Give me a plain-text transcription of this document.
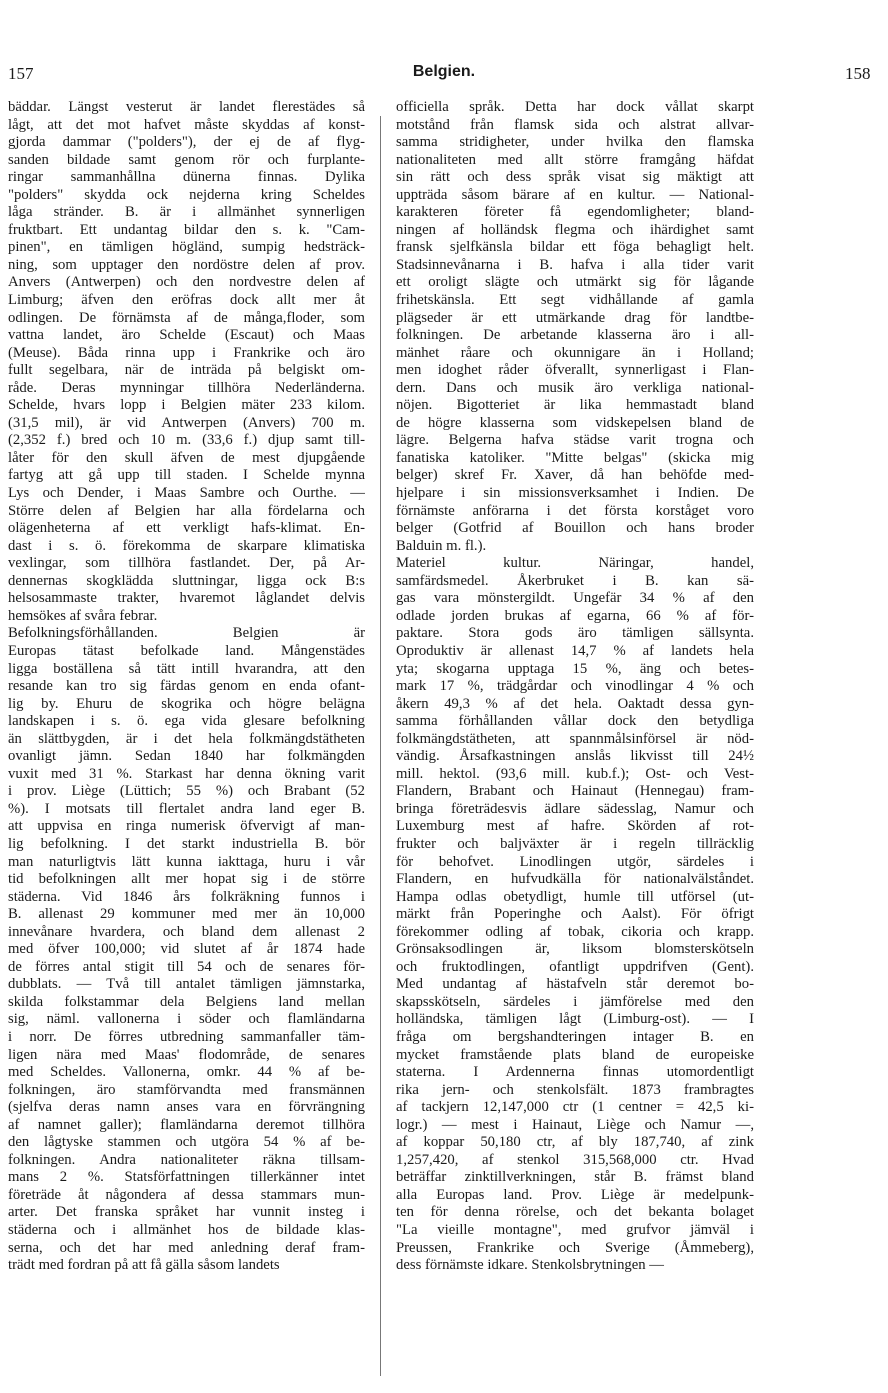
157	Belgien.	158
bäddar. Längst vesterut är landet flerestädes så
lågt, att det mot hafvet måste skyddas af konst-
gjorda dammar ("polders"), der ej de af flyg-
sanden bildade samt genom rör och furplante-
ringar sammanhållna dünerna finnas. Dylika
"polders" skydda ock nejderna kring Scheldes
låga stränder. B. är i allmänhet synnerligen
fruktbart. Ett undantag bildar den s. k. "Cam-
pinen", en tämligen högländ, sumpig hedsträck-
ning, som upptager den nordöstre delen af prov.
Anvers (Antwerpen) och den nordvestre delen af
Limburg; äfven den eröfras dock allt mer åt
odlingen. De förnämsta af de många,floder, som
vattna landet, äro Schelde (Escaut) och Maas
(Meuse). Båda rinna upp i Frankrike och äro
fullt segelbara, när de inträda på belgiskt om-
råde. Deras mynningar tillhöra Nederländerna.
Schelde, hvars lopp i Belgien mäter 233 kilom.
(31,5 mil), är vid Antwerpen (Anvers) 700 m.
(2,352 f.) bred och 10 m. (33,6 f.) djup samt till-
låter för den skull äfven de mest djupgående
fartyg att gå upp till staden. I Schelde mynna
Lys och Dender, i Maas Sambre och Ourthe. —
Större delen af Belgien har alla fördelarna och
olägenheterna af ett verkligt hafs-klimat. En-
dast i s. ö. förekomma de skarpare klimatiska
vexlingar, som tillhöra fastlandet. Der, på Ar-
dennernas skogklädda sluttningar, ligga ock B:s
helsosammaste trakter, hvaremot låglandet delvis
hemsökes af svåra febrar.
Befolkningsförhållanden. Belgien är
Europas tätast befolkade land. Mångenstädes
ligga boställena så tätt intill hvarandra, att den
resande kan tro sig färdas genom en enda ofant-
lig by. Ehuru de skogrika och högre belägna
landskapen i s. ö. ega vida glesare befolkning
än slättbygden, är i det hela folkmängdstätheten
ovanligt jämn. Sedan 1840 har folkmängden
vuxit med 31 %. Starkast har denna ökning varit
i prov. Liège (Lüttich; 55 %) och Brabant (52
%). I motsats till flertalet andra land eger B.
att uppvisa en ringa numerisk öfvervigt af man-
lig befolkning. I det starkt industriella B. bör
man naturligtvis lätt kunna iakttaga, huru i vår
tid befolkningen allt mer hopat sig i de större
städerna. Vid 1846 års folkräkning funnos i
B. allenast 29 kommuner med mer än 10,000
innevånare hvardera, och bland dem allenast 2
med öfver 100,000; vid slutet af år 1874 hade
de förres antal stigit till 54 och de senares för-
dubblats. — Två till antalet tämligen jämnstarka,
skilda folkstammar dela Belgiens land mellan
sig, näml. vallonerna i söder och flamländarna
i norr. De förres utbredning sammanfaller täm-
ligen nära med Maas' flodområde, de senares
med Scheldes. Vallonerna, omkr. 44 % af be-
folkningen, äro stamförvandta med fransmännen
(sjelfva deras namn anses vara en förvrängning
af namnet galler); flamländarna deremot tillhöra
den lågtyske stammen och utgöra 54 % af be-
folkningen. Andra nationaliteter räkna tillsam-
mans 2 %. Statsförfattningen tillerkänner intet
företräde åt någondera af dessa stammars mun-
arter. Det franska språket har vunnit insteg i
städerna och i allmänhet hos de bildade klas-
serna, och det har med anledning deraf fram-
trädt med fordran på att få gälla såsom landets
officiella språk. Detta har dock vållat skarpt
motstånd från flamsk sida och alstrat allvar-
samma stridigheter, under hvilka den flamska
nationaliteten med allt större framgång häfdat
sin rätt och dess språk visat sig mäktigt att
uppträda såsom bärare af en kultur. — National-
karakteren företer få egendomligheter; bland-
ningen af holländsk flegma och ihärdighet samt
fransk sjelfkänsla bildar ett föga behagligt helt.
Stadsinnevånarna i B. hafva i alla tider varit
ett oroligt slägte och utmärkt sig för lågande
frihetskänsla. Ett segt vidhållande af gamla
plägseder är ett utmärkande drag för landtbe-
folkningen. De arbetande klasserna äro i all-
mänhet råare och okunnigare än i Holland;
men idoghet råder öfverallt, synnerligast i Flan-
dern. Dans och musik äro verkliga national-
nöjen. Bigotteriet är lika hemmastadt bland
de högre klasserna som vidskepelsen bland de
lägre. Belgerna hafva städse varit trogna och
fanatiska katoliker. "Mitte belgas" (skicka mig
belger) skref Fr. Xaver, då han behöfde med-
hjelpare i sin missionsverksamhet i Indien. De
förnämste anförarna i det första korståget voro
belger (Gotfrid af Bouillon och hans broder
Balduin m. fl.).
Materiel kultur. Näringar, handel,
samfärdsmedel. Åkerbruket i B. kan sä-
gas vara mönstergildt. Ungefär 34 % af den
odlade jorden brukas af egarna, 66 % af för-
paktare. Stora gods äro tämligen sällsynta.
Oproduktiv är allenast 14,7 % af landets hela
yta; skogarna upptaga 15 %, äng och betes-
mark 17 %, trädgårdar och vinodlingar 4 % och
åkern 49,3 % af det hela. Oaktadt dessa gyn-
samma förhållanden vållar dock den betydliga
folkmängdstätheten, att spannmålsinförsel är nöd-
vändig. Årsafkastningen anslås likvisst till 24½
mill. hektol. (93,6 mill. kub.f.); Ost- och Vest-
Flandern, Brabant och Hainaut (Hennegau) fram-
bringa företrädesvis ädlare sädesslag, Namur och
Luxemburg mest af hafre. Skörden af rot-
frukter och baljväxter är i regeln tillräcklig
för behofvet. Linodlingen utgör, särdeles i
Flandern, en hufvudkälla för nationalvälståndet.
Hampa odlas obetydligt, humle till utförsel (ut-
märkt från Poperinghe och Aalst). För öfrigt
förekommer odling af tobak, cikoria och krapp.
Grönsaksodlingen är, liksom blomsterskötseln
och fruktodlingen, ofantligt uppdrifven (Gent).
Med undantag af hästafveln står deremot bo-
skapsskötseln, särdeles i jämförelse med den
holländska, tämligen lågt (Limburg-ost). — I
fråga om bergshandteringen intager B. en
mycket framstående plats bland de europeiske
staterna. I Ardennerna finnas utomordentligt
rika jern- och stenkolsfält. 1873 frambragtes
af tackjern 12,147,000 ctr (1 centner = 42,5 ki-
logr.) — mest i Hainaut, Liège och Namur —,
af koppar 50,180 ctr, af bly 187,740, af zink
1,257,420, af stenkol 315,568,000 ctr. Hvad
beträffar zinktillverkningen, står B. främst bland
alla Europas land. Prov. Liège är medelpunk-
ten för denna rörelse, och det bekanta bolaget
"La vieille montagne", med grufvor jämväl i
Preussen, Frankrike och Sverige (Åmmeberg),
dess förnämste idkare. Stenkolsbrytningen —
